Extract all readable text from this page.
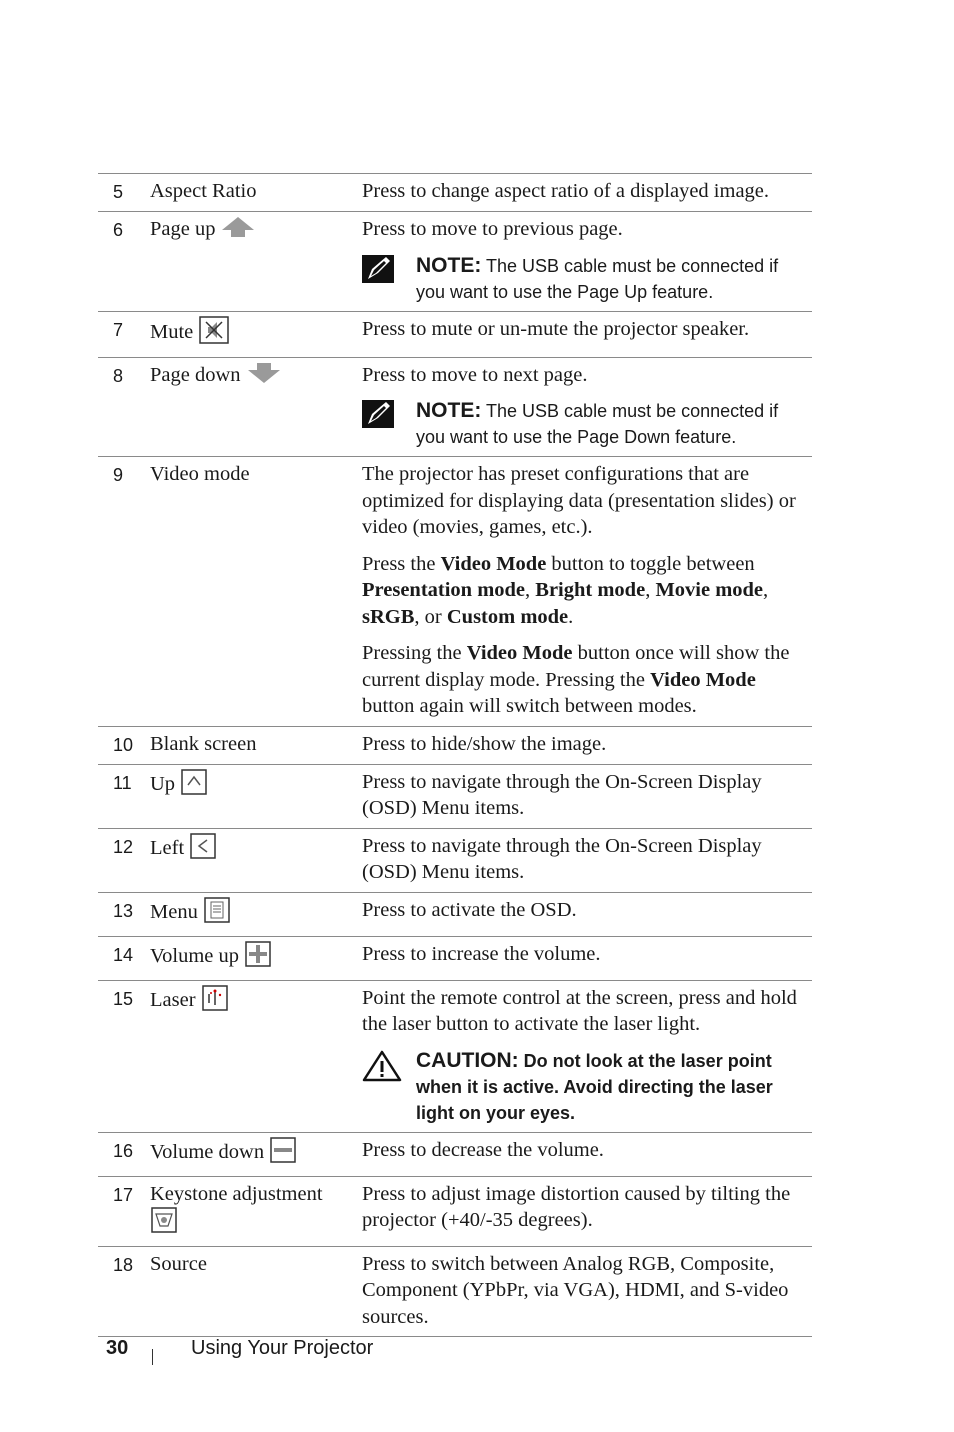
5	Aspect Ratio	Press to change aspect ratio of a displayed image.

6	Page up	Press to move to previous page.

NOTE: The USB cable must be connected if you want to use the Page Up feature.
7	Mute	Press to mute or un-mute the projector speaker.

8	Page down	Press to move to next page.

NOTE: The USB cable must be connected if you want to use the Page Down feature.
9	Video mode	The projector has preset configurations that are optimized for displaying data (presentation slides) or video (movies, games, etc.).

Press the Video Mode button to toggle between Presentation mode, Bright mode, Movie mode, sRGB, or Custom mode.

Pressing the Video Mode button once will show the current display mode. Pressing the Video Mode button again will switch between modes.

10 Blank screen	Press to hide/show the image.

11 Up	Press to navigate through the On-Screen Display (OSD) Menu items.

12 Left	Press to navigate through the On-Screen Display (OSD) Menu items.

13 Menu	Press to activate the OSD.

14 Volume up	Press to increase the volume.

15 Laser	Point the remote control at the screen, press and hold the laser button to activate the laser light.

CAUTION: Do not look at the laser point when it is active. Avoid directing the laser light on your eyes.
16 Volume down	Press to decrease the volume.

17 Keystone adjustment	Press to adjust image distortion caused by tilting the projector (+40/-35 degrees).

18 Source	Press to switch between Analog RGB, Composite, Component (YPbPr, via VGA), HDMI, and S-video sources.

30	Using Your Projector
